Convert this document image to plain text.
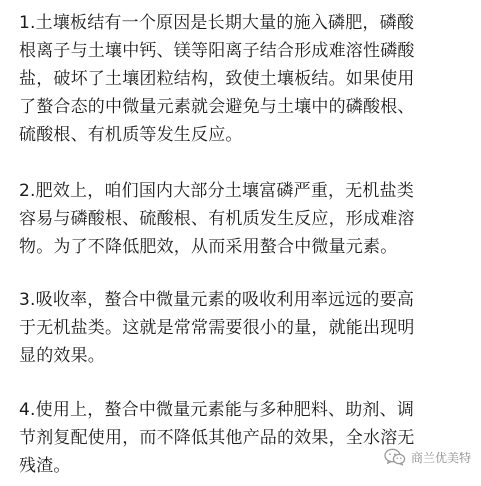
1.土壤板结有一个原因是长期大量的施入磷肥，磷酸
根离子与土壤中钙、镁等阳离子结合形成难溶性磷酸
盐，破坏了土壤团粒结构，致使土壤板结。如果使用
了螯合态的中微量元素就会避免与土壤中的磷酸根、
硫酸根、有机质等发生反应。
2.肥效上，咱们国内大部分土壤富磷严重，无机盐类
容易与磷酸根、硫酸根、有机质发生反应，形成难溶
物。为了不降低肥效，从而采用螯合中微量元素。
3.吸收率，螯合中微量元素的吸收利用率远远的要高
于无机盐类。这就是常常需要很小的量，就能出现明
显的效果。
4.使用上，螯合中微量元素能与多种肥料、助剂、调
节剂复配使用，而不降低其他产品的效果，全水溶无
残渣。	商兰优美特
